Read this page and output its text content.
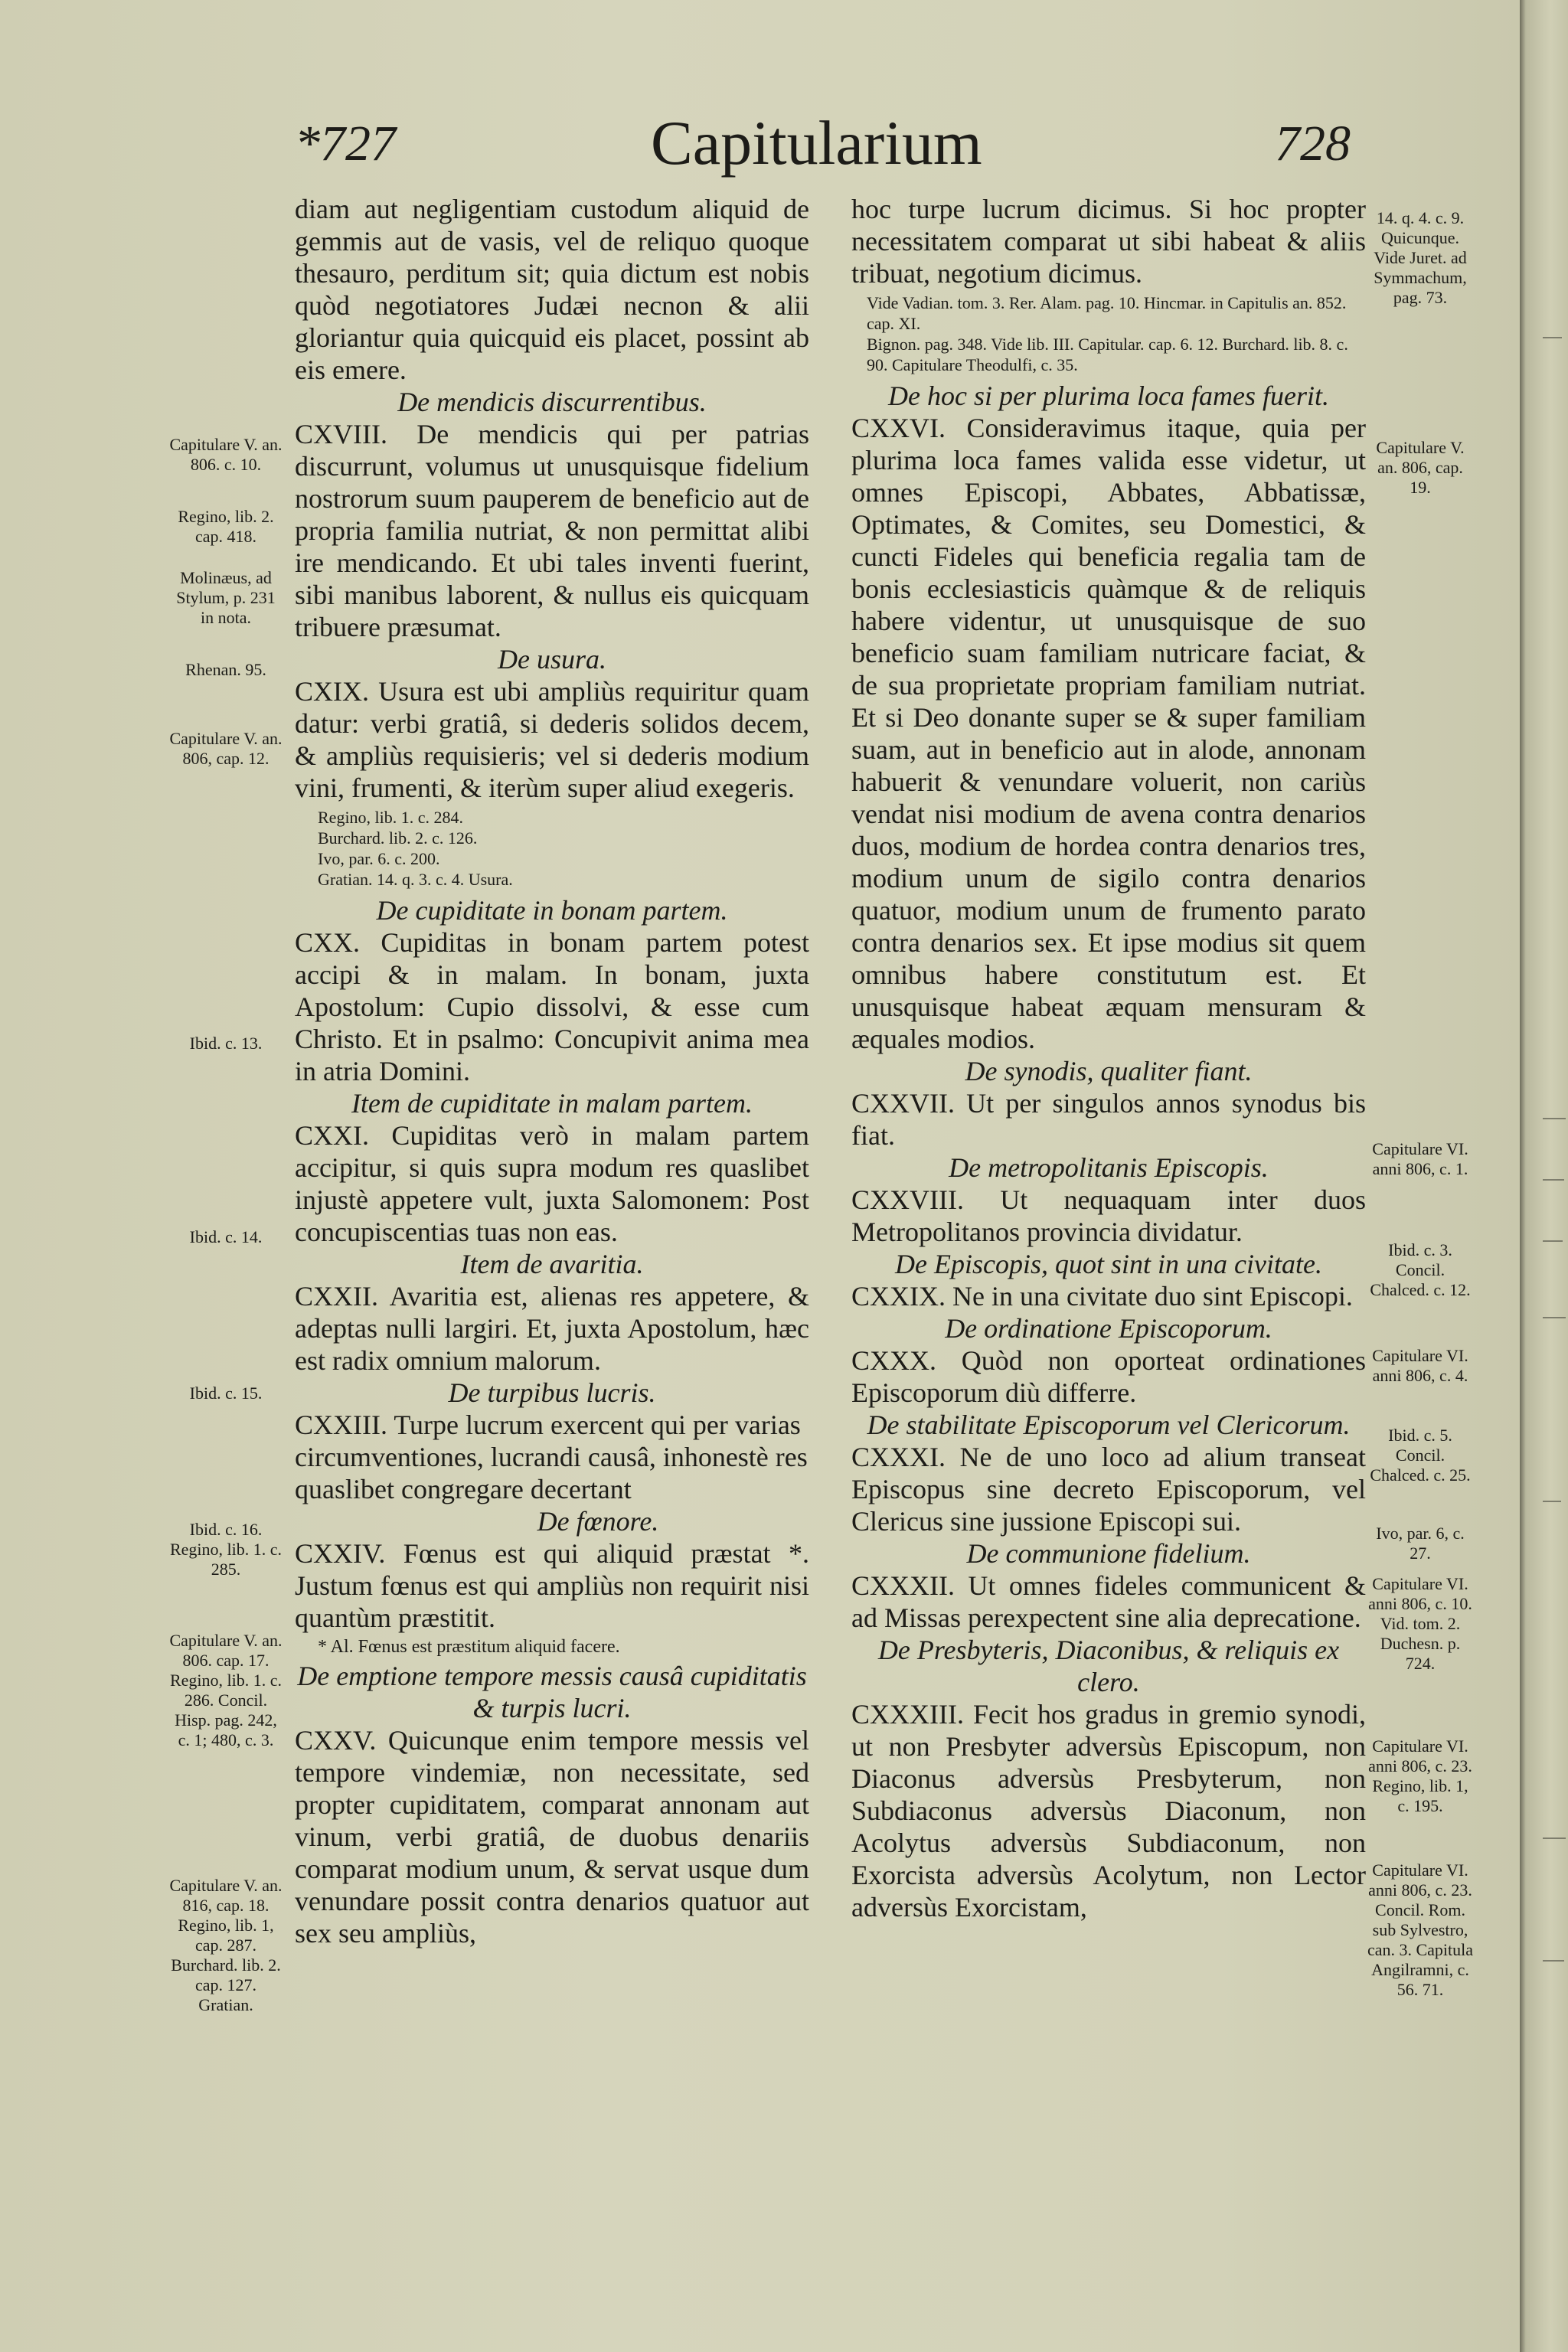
*727	Capitularium	728
Capitulare V. an. 806. c. 10.
Regino, lib. 2. cap. 418.
Molinæus, ad Stylum, p. 231 in nota.
Rhenan. 95.
Capitulare V. an. 806, cap. 12.
Ibid. c. 13.
Ibid. c. 14.
Ibid. c. 15.
Ibid. c. 16. Regino, lib. 1. c. 285.
Capitulare V. an. 806. cap. 17. Regino, lib. 1. c. 286. Concil. Hisp. pag. 242, c. 1; 480, c. 3.
Capitulare V. an. 816, cap. 18. Regino, lib. 1, cap. 287. Burchard. lib. 2. cap. 127. Gratian.

diam aut negligentiam custodum aliquid de gemmis aut de vasis, vel de reliquo quoque thesauro, perditum sit; quia dictum est nobis quòd negotiatores Judæi necnon & alii gloriantur quia quicquid eis placet, possint ab eis emere.

De mendicis discurrentibus.

CXVIII. De mendicis qui per patrias discurrunt, volumus ut unusquisque fidelium nostrorum suum pauperem de beneficio aut de propria familia nutriat, & non permittat alibi ire mendicando. Et ubi tales inventi fuerint, sibi manibus laborent, & nullus eis quicquam tribuere præsumat.

De usura.

CXIX. Usura est ubi ampliùs requiritur quam datur: verbi gratiâ, si dederis solidos decem, & ampliùs requisieris; vel si dederis modium vini, frumenti, & iterùm super aliud exegeris.

Regino, lib. 1. c. 284.
Burchard. lib. 2. c. 126.
Ivo, par. 6. c. 200.
Gratian. 14. q. 3. c. 4. Usura.
De cupiditate in bonam partem.

CXX. Cupiditas in bonam partem potest accipi & in malam. In bonam, juxta Apostolum: Cupio dissolvi, & esse cum Christo. Et in psalmo: Concupivit anima mea in atria Domini.

Item de cupiditate in malam partem.

CXXI. Cupiditas verò in malam partem accipitur, si quis supra modum res quaslibet injustè appetere vult, juxta Salomonem: Post concupiscentias tuas non eas.

Item de avaritia.

CXXII. Avaritia est, alienas res appetere, & adeptas nulli largiri. Et, juxta Apostolum, hæc est radix omnium malorum.

De turpibus lucris.

CXXIII. Turpe lucrum exercent qui per varias circumventiones, lucrandi causâ, inhonestè res quaslibet congregare decertant

De fœnore.

CXXIV. Fœnus est qui aliquid præstat *. Justum fœnus est qui ampliùs non requirit nisi quantùm præstitit.

* Al. Fœnus est præstitum aliquid facere.
De emptione tempore messis causâ cupiditatis & turpis lucri.

CXXV. Quicunque enim tempore messis vel tempore vindemiæ, non necessitate, sed propter cupiditatem, comparat annonam aut vinum, verbi gratiâ, de duobus denariis comparat modium unum, & servat usque dum venundare possit contra denarios quatuor aut sex seu ampliùs,

hoc turpe lucrum dicimus. Si hoc propter necessitatem comparat ut sibi habeat & aliis tribuat, negotium dicimus.

Vide Vadian. tom. 3. Rer. Alam. pag. 10. Hincmar. in Capitulis an. 852. cap. XI.
Bignon. pag. 348. Vide lib. III. Capitular. cap. 6. 12. Burchard. lib. 8. c. 90. Capitulare Theodulfi, c. 35.
De hoc si per plurima loca fames fuerit.

CXXVI. Consideravimus itaque, quia per plurima loca fames valida esse videtur, ut omnes Episcopi, Abbates, Abbatissæ, Optimates, & Comites, seu Domestici, & cuncti Fideles qui beneficia regalia tam de bonis ecclesiasticis quàmque & de reliquis habere videntur, ut unusquisque de suo beneficio suam familiam nutricare faciat, & de sua proprietate propriam familiam nutriat. Et si Deo donante super se & super familiam suam, aut in beneficio aut in alode, annonam habuerit & venundare voluerit, non cariùs vendat nisi modium de avena contra denarios duos, modium de hordea contra denarios tres, modium unum de sigilo contra denarios quatuor, modium unum de frumento parato contra denarios sex. Et ipse modius sit quem omnibus habere constitutum est. Et unusquisque habeat æquam mensuram & æquales modios.

De synodis, qualiter fiant.

CXXVII. Ut per singulos annos synodus bis fiat.

De metropolitanis Episcopis.

CXXVIII. Ut nequaquam inter duos Metropolitanos provincia dividatur.

De Episcopis, quot sint in una civitate.

CXXIX. Ne in una civitate duo sint Episcopi.

De ordinatione Episcoporum.

CXXX. Quòd non oporteat ordinationes Episcoporum diù differre.

De stabilitate Episcoporum vel Clericorum.

CXXXI. Ne de uno loco ad alium transeat Episcopus sine decreto Episcoporum, vel Clericus sine jussione Episcopi sui.

De communione fidelium.

CXXXII. Ut omnes fideles communicent & ad Missas perexpectent sine alia deprecatione.

De Presbyteris, Diaconibus, & reliquis ex clero.

CXXXIII. Fecit hos gradus in gremio synodi, ut non Presbyter adversùs Episcopum, non Diaconus adversùs Presbyterum, non Subdiaconus adversùs Diaconum, non Acolytus adversùs Subdiaconum, non Exorcista adversùs Acolytum, non Lector adversùs Exorcistam,

14. q. 4. c. 9. Quicunque. Vide Juret. ad Symmachum, pag. 73.
Capitulare V. an. 806, cap. 19.
Capitulare VI. anni 806, c. 1.
Ibid. c. 3. Concil. Chalced. c. 12.
Capitulare VI. anni 806, c. 4.
Ibid. c. 5. Concil. Chalced. c. 25.
Ivo, par. 6, c. 27.
Capitulare VI. anni 806, c. 10. Vid. tom. 2. Duchesn. p. 724.
Capitulare VI. anni 806, c. 23. Regino, lib. 1, c. 195.
Capitulare VI. anni 806, c. 23. Concil. Rom. sub Sylvestro, can. 3. Capitula Angilramni, c. 56. 71.
